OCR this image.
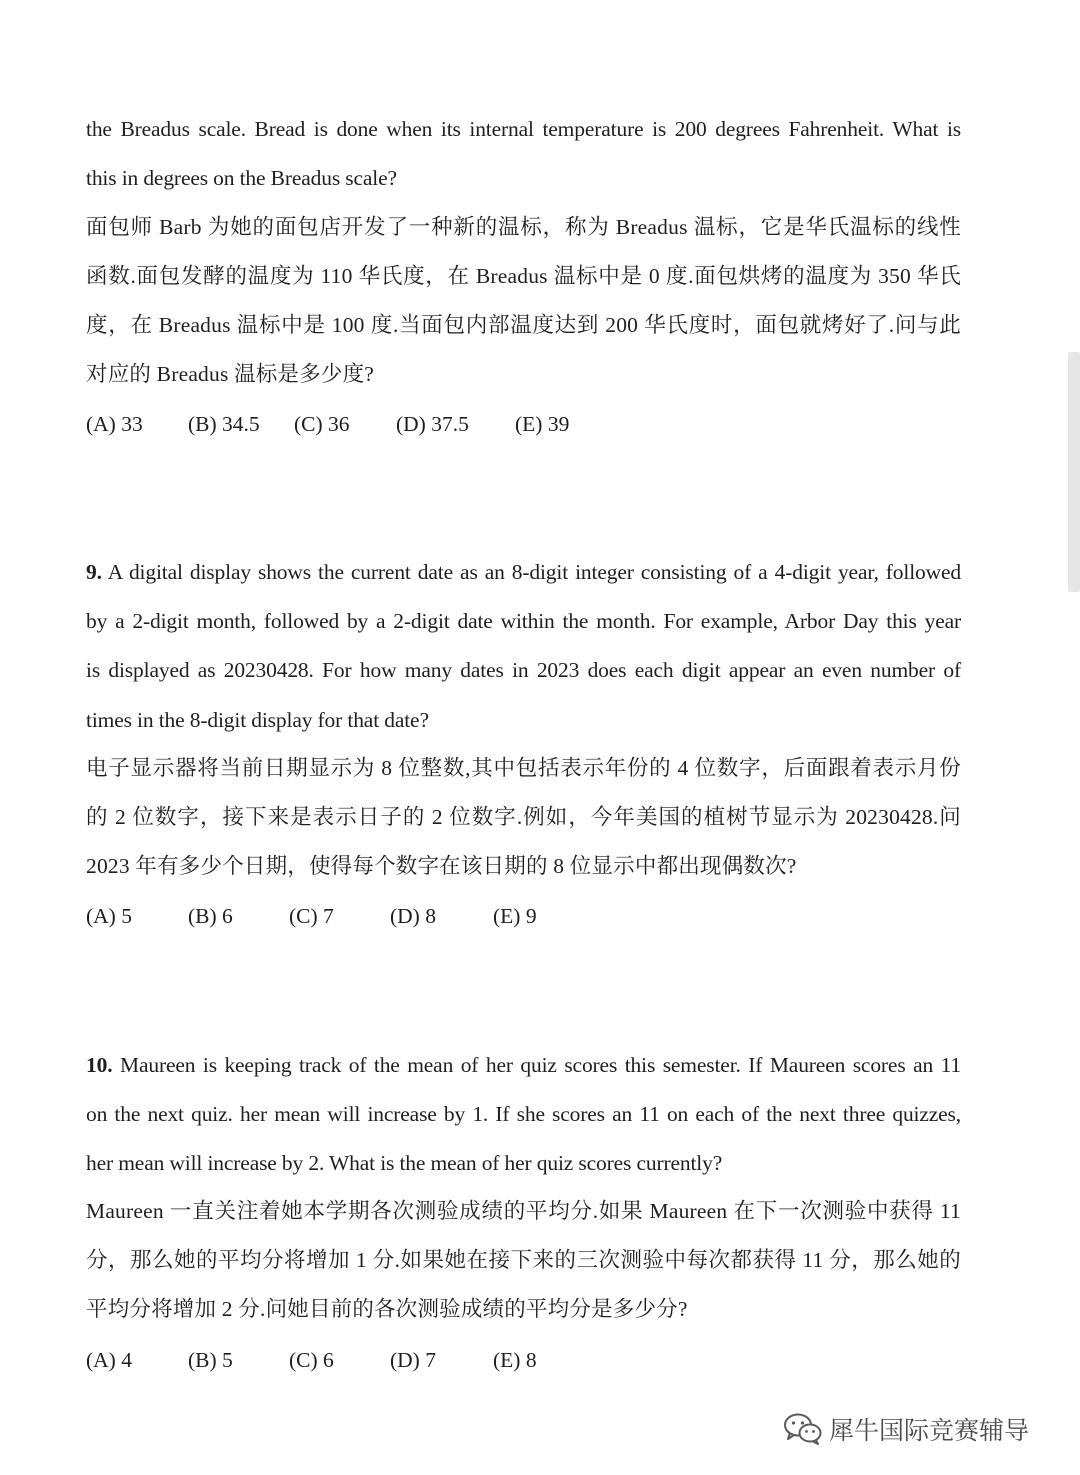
the Breadus scale. Bread is done when its internal temperature is 200 degrees Fahrenheit. What is
this in degrees on the Breadus scale?
面包师 Barb 为她的面包店开发了一种新的温标，称为 Breadus 温标，它是华氏温标的线性
函数.面包发酵的温度为 110 华氏度，在 Breadus 温标中是 0 度.面包烘烤的温度为 350 华氏
度，在 Breadus 温标中是 100 度.当面包内部温度达到 200 华氏度时，面包就烤好了.问与此
对应的 Breadus 温标是多少度?
(A) 33 (B) 34.5 (C) 36 (D) 37.5 (E) 39
9. A digital display shows the current date as an 8-digit integer consisting of a 4-digit year, followed
by a 2-digit month, followed by a 2-digit date within the month. For example, Arbor Day this year
is displayed as 20230428. For how many dates in 2023 does each digit appear an even number of
times in the 8-digit display for that date?
电子显示器将当前日期显示为 8 位整数,其中包括表示年份的 4 位数字，后面跟着表示月份
的 2 位数字，接下来是表示日子的 2 位数字.例如，今年美国的植树节显示为 20230428.问
2023 年有多少个日期，使得每个数字在该日期的 8 位显示中都出现偶数次?
(A) 5	(B) 6	(C) 7	(D) 8	(E) 9
10. Maureen is keeping track of the mean of her quiz scores this semester. If Maureen scores an 11
on the next quiz. her mean will increase by 1. If she scores an 11 on each of the next three quizzes,
her mean will increase by 2. What is the mean of her quiz scores currently?
Maureen 一直关注着她本学期各次测验成绩的平均分.如果 Maureen 在下一次测验中获得 11
分，那么她的平均分将增加 1 分.如果她在接下来的三次测验中每次都获得 11 分，那么她的
平均分将增加 2 分.问她目前的各次测验成绩的平均分是多少分?
(A) 4	(B) 5	(C) 6	(D) 7	(E) 8
犀牛国际竞赛辅导
